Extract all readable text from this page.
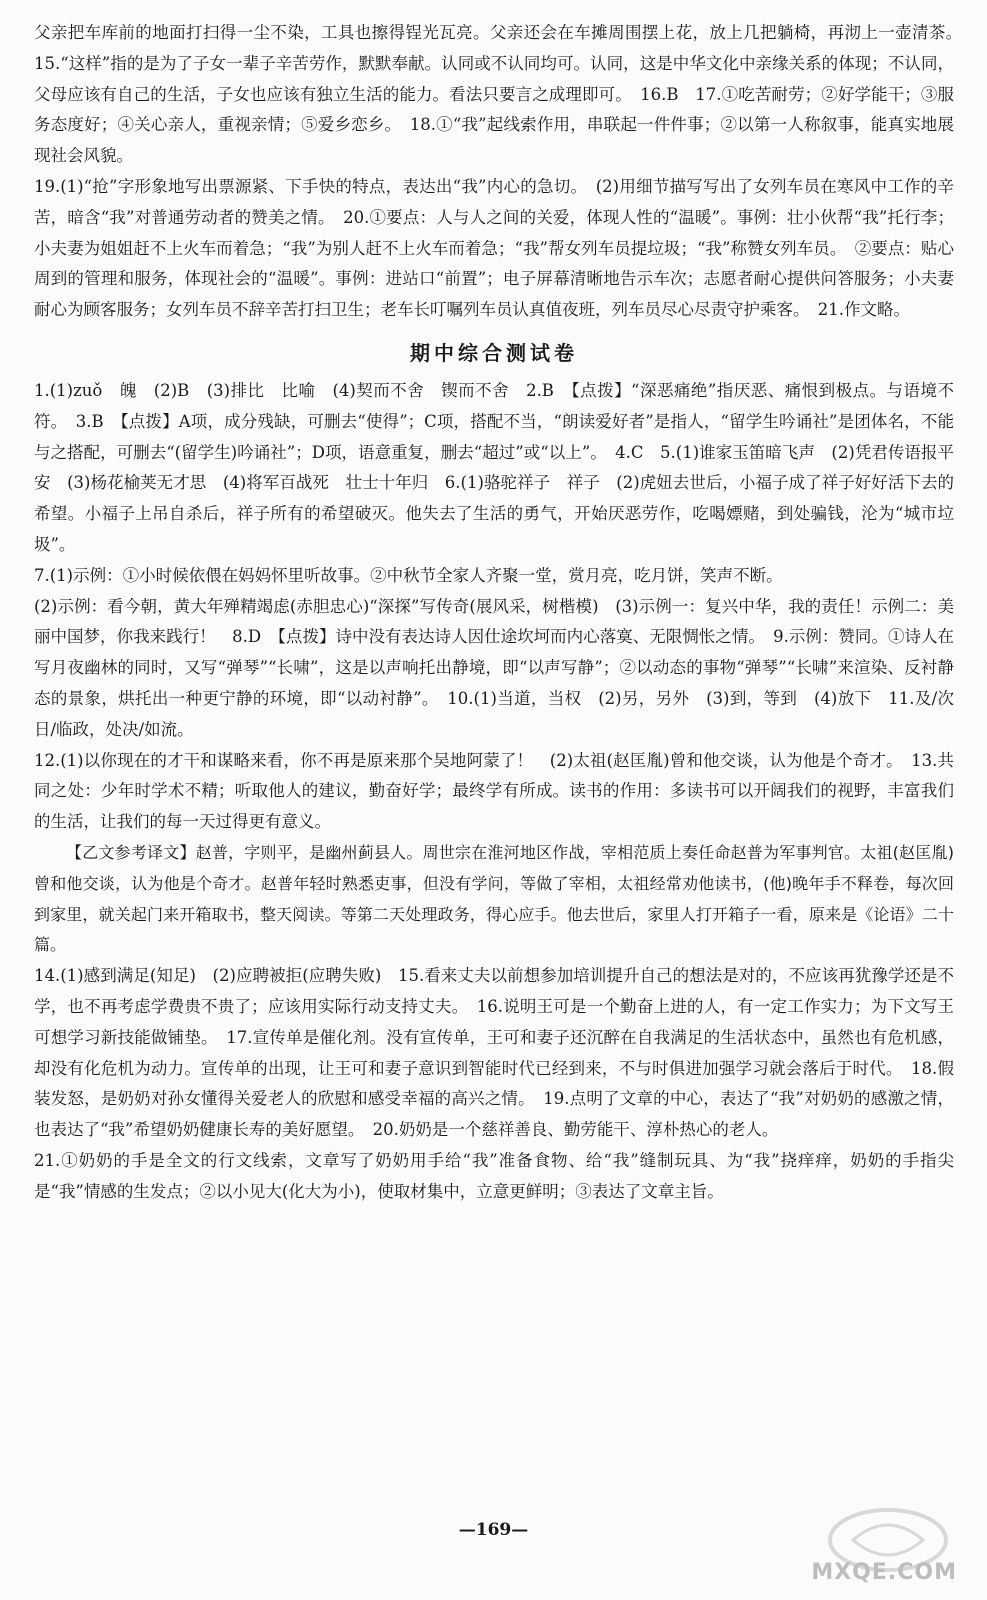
父亲把车库前的地面打扫得一尘不染，工具也擦得锃光瓦亮。父亲还会在车摊周围摆上花，放上几把躺椅，再沏上一壶清茶。　15.“这样”指的是为了子女一辈子辛苦劳作，默默奉献。认同或不认同均可。认同，这是中华文化中亲缘关系的体现；不认同，父母应该有自己的生活，子女也应该有独立生活的能力。看法只要言之成理即可。　16.B　17.①吃苦耐劳；②好学能干；③服务态度好；④关心亲人，重视亲情；⑤爱乡恋乡。　18.①“我”起线索作用，串联起一件件事；②以第一人称叙事，能真实地展现社会风貌。

19.(1)“抢”字形象地写出票源紧、下手快的特点，表达出“我”内心的急切。　(2)用细节描写写出了女列车员在寒风中工作的辛苦，暗含“我”对普通劳动者的赞美之情。　20.①要点：人与人之间的关爱，体现人性的“温暖”。事例：壮小伙帮“我”托行李；小夫妻为姐姐赶不上火车而着急；“我”为别人赶不上火车而着急；“我”帮女列车员提垃圾；“我”称赞女列车员。　②要点：贴心周到的管理和服务，体现社会的“温暖”。事例：进站口“前置”；电子屏幕清晰地告示车次；志愿者耐心提供问答服务；小夫妻耐心为顾客服务；女列车员不辞辛苦打扫卫生；老车长叮嘱列车员认真值夜班，列车员尽心尽责守护乘客。　21.作文略。

期中综合测试卷

1.(1)zuǒ　魄　(2)B　(3)排比　比喻　(4)契而不舍　锲而不舍　2.B　【点拨】“深恶痛绝”指厌恶、痛恨到极点。与语境不符。　3.B　【点拨】A项，成分残缺，可删去“使得”；C项，搭配不当，“朗读爱好者”是指人，“留学生吟诵社”是团体名，不能与之搭配，可删去“(留学生)吟诵社”；D项，语意重复，删去“超过”或“以上”。　4.C　5.(1)谁家玉笛暗飞声　(2)凭君传语报平安　(3)杨花榆荚无才思　(4)将军百战死　壮士十年归　6.(1)骆驼祥子　祥子　(2)虎妞去世后，小福子成了祥子好好活下去的希望。小福子上吊自杀后，祥子所有的希望破灭。他失去了生活的勇气，开始厌恶劳作，吃喝嫖赌，到处骗钱，沦为“城市垃圾”。

7.(1)示例：①小时候依偎在妈妈怀里听故事。②中秋节全家人齐聚一堂，赏月亮，吃月饼，笑声不断。

(2)示例：看今朝，黄大年殚精竭虑(赤胆忠心)“深探”写传奇(展风采，树楷模)　(3)示例一：复兴中华，我的责任！示例二：美丽中国梦，你我来践行！　8.D　【点拨】诗中没有表达诗人因仕途坎坷而内心落寞、无限惆怅之情。　9.示例：赞同。①诗人在写月夜幽林的同时，又写“弹琴”“长啸”，这是以声响托出静境，即“以声写静”；②以动态的事物“弹琴”“长啸”来渲染、反衬静态的景象，烘托出一种更宁静的环境，即“以动衬静”。　10.(1)当道，当权　(2)另，另外　(3)到，等到　(4)放下　11.及/次日/临政，处决/如流。

12.(1)以你现在的才干和谋略来看，你不再是原来那个吴地阿蒙了！　(2)太祖(赵匡胤)曾和他交谈，认为他是个奇才。　13.共同之处：少年时学术不精；听取他人的建议，勤奋好学；最终学有所成。读书的作用：多读书可以开阔我们的视野，丰富我们的生活，让我们的每一天过得更有意义。

【乙文参考译文】赵普，字则平，是幽州蓟县人。周世宗在淮河地区作战，宰相范质上奏任命赵普为军事判官。太祖(赵匡胤)曾和他交谈，认为他是个奇才。赵普年轻时熟悉吏事，但没有学问，等做了宰相，太祖经常劝他读书，(他)晚年手不释卷，每次回到家里，就关起门来开箱取书，整天阅读。等第二天处理政务，得心应手。他去世后，家里人打开箱子一看，原来是《论语》二十篇。

14.(1)感到满足(知足)　(2)应聘被拒(应聘失败)　15.看来丈夫以前想参加培训提升自己的想法是对的，不应该再犹豫学还是不学，也不再考虑学费贵不贵了；应该用实际行动支持丈夫。　16.说明王可是一个勤奋上进的人，有一定工作实力；为下文写王可想学习新技能做铺垫。　17.宣传单是催化剂。没有宣传单，王可和妻子还沉醉在自我满足的生活状态中，虽然也有危机感，却没有化危机为动力。宣传单的出现，让王可和妻子意识到智能时代已经到来，不与时俱进加强学习就会落后于时代。　18.假装发怒，是奶奶对孙女懂得关爱老人的欣慰和感受幸福的高兴之情。　19.点明了文章的中心，表达了“我”对奶奶的感激之情，也表达了“我”希望奶奶健康长寿的美好愿望。　20.奶奶是一个慈祥善良、勤劳能干、淳朴热心的老人。

21.①奶奶的手是全文的行文线索，文章写了奶奶用手给“我”准备食物、给“我”缝制玩具、为“我”挠痒痒，奶奶的手指尖是“我”情感的生发点；②以小见大(化大为小)，使取材集中，立意更鲜明；③表达了文章主旨。

—169—
MXQE.COM
